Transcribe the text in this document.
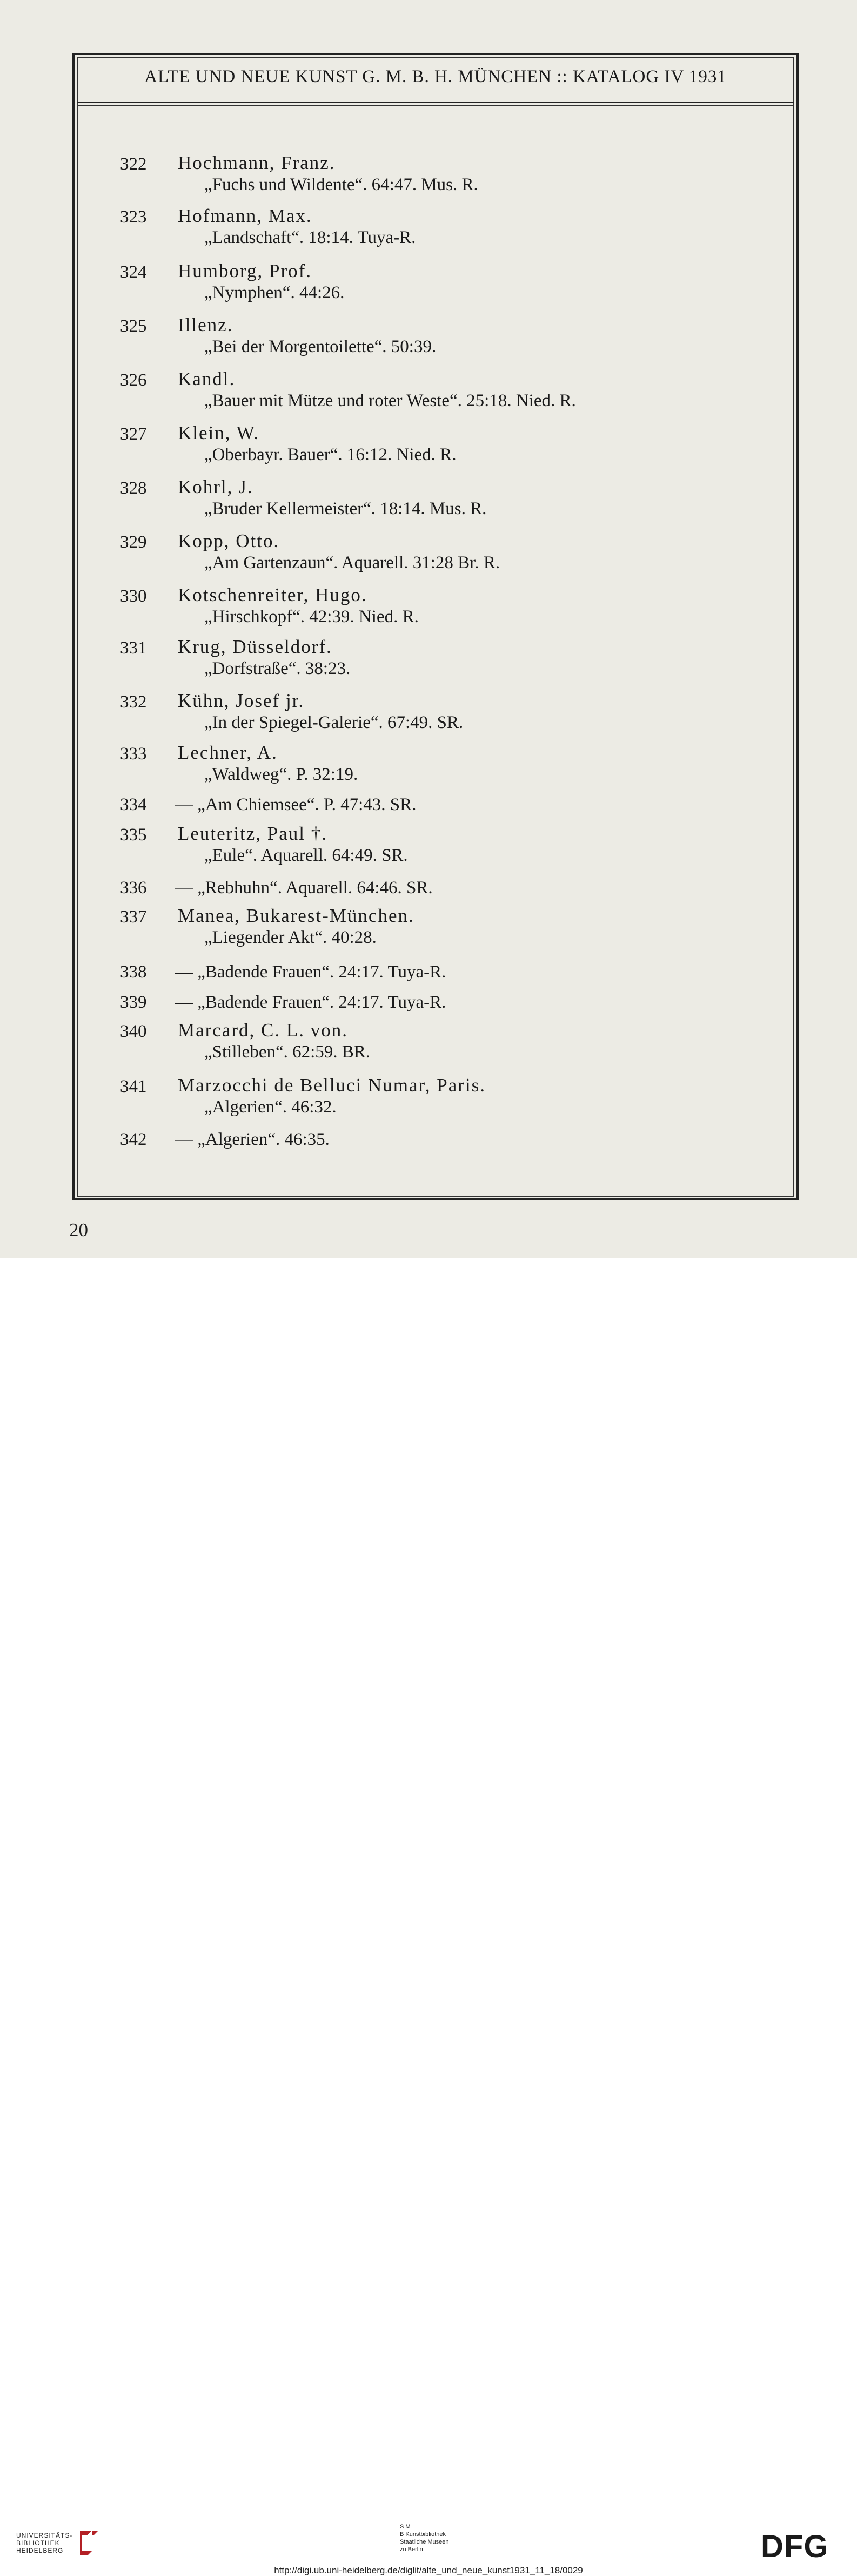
ALTE UND NEUE KUNST G. M. B. H. MÜNCHEN :: KATALOG IV 1931
322	Hochmann, Franz.
„Fuchs und Wildente“. 64:47. Mus. R.
323	Hofmann, Max.
„Landschaft“. 18:14. Tuya-R.
324	Humborg, Prof.
„Nymphen“. 44:26.
325	Illenz.
„Bei der Morgentoilette“. 50:39.
326	Kandl.
„Bauer mit Mütze und roter Weste“. 25:18. Nied. R.
327	Klein, W.
„Oberbayr. Bauer“. 16:12. Nied. R.
328	Kohrl, J.
„Bruder Kellermeister“. 18:14. Mus. R.
329	Kopp, Otto.
„Am Gartenzaun“. Aquarell. 31:28 Br. R.
330	Kotschenreiter, Hugo.
„Hirschkopf“. 42:39. Nied. R.
331	Krug, Düsseldorf.
„Dorfstraße“. 38:23.
332	Kühn, Josef jr.
„In der Spiegel-Galerie“. 67:49. SR.
333	Lechner, A.
„Waldweg“. P. 32:19.
334	— „Am Chiemsee“. P. 47:43. SR.
335	Leuteritz, Paul †.
„Eule“. Aquarell. 64:49. SR.
336	— „Rebhuhn“. Aquarell. 64:46. SR.
337	Manea, Bukarest-München.
„Liegender Akt“. 40:28.
338	— „Badende Frauen“. 24:17. Tuya-R.
339	— „Badende Frauen“. 24:17. Tuya-R.
340	Marcard, C. L. von.
„Stilleben“. 62:59. BR.
341	Marzocchi de Belluci Numar, Paris.
„Algerien“. 46:32.
342	— „Algerien“. 46:35.
20
UNIVERSITÄTS-
BIBLIOTHEK
HEIDELBERG
S M
B Kunstbibliothek
Staatliche Museen
zu Berlin	DFG
http://digi.ub.uni-heidelberg.de/diglit/alte_und_neue_kunst1931_11_18/0029
